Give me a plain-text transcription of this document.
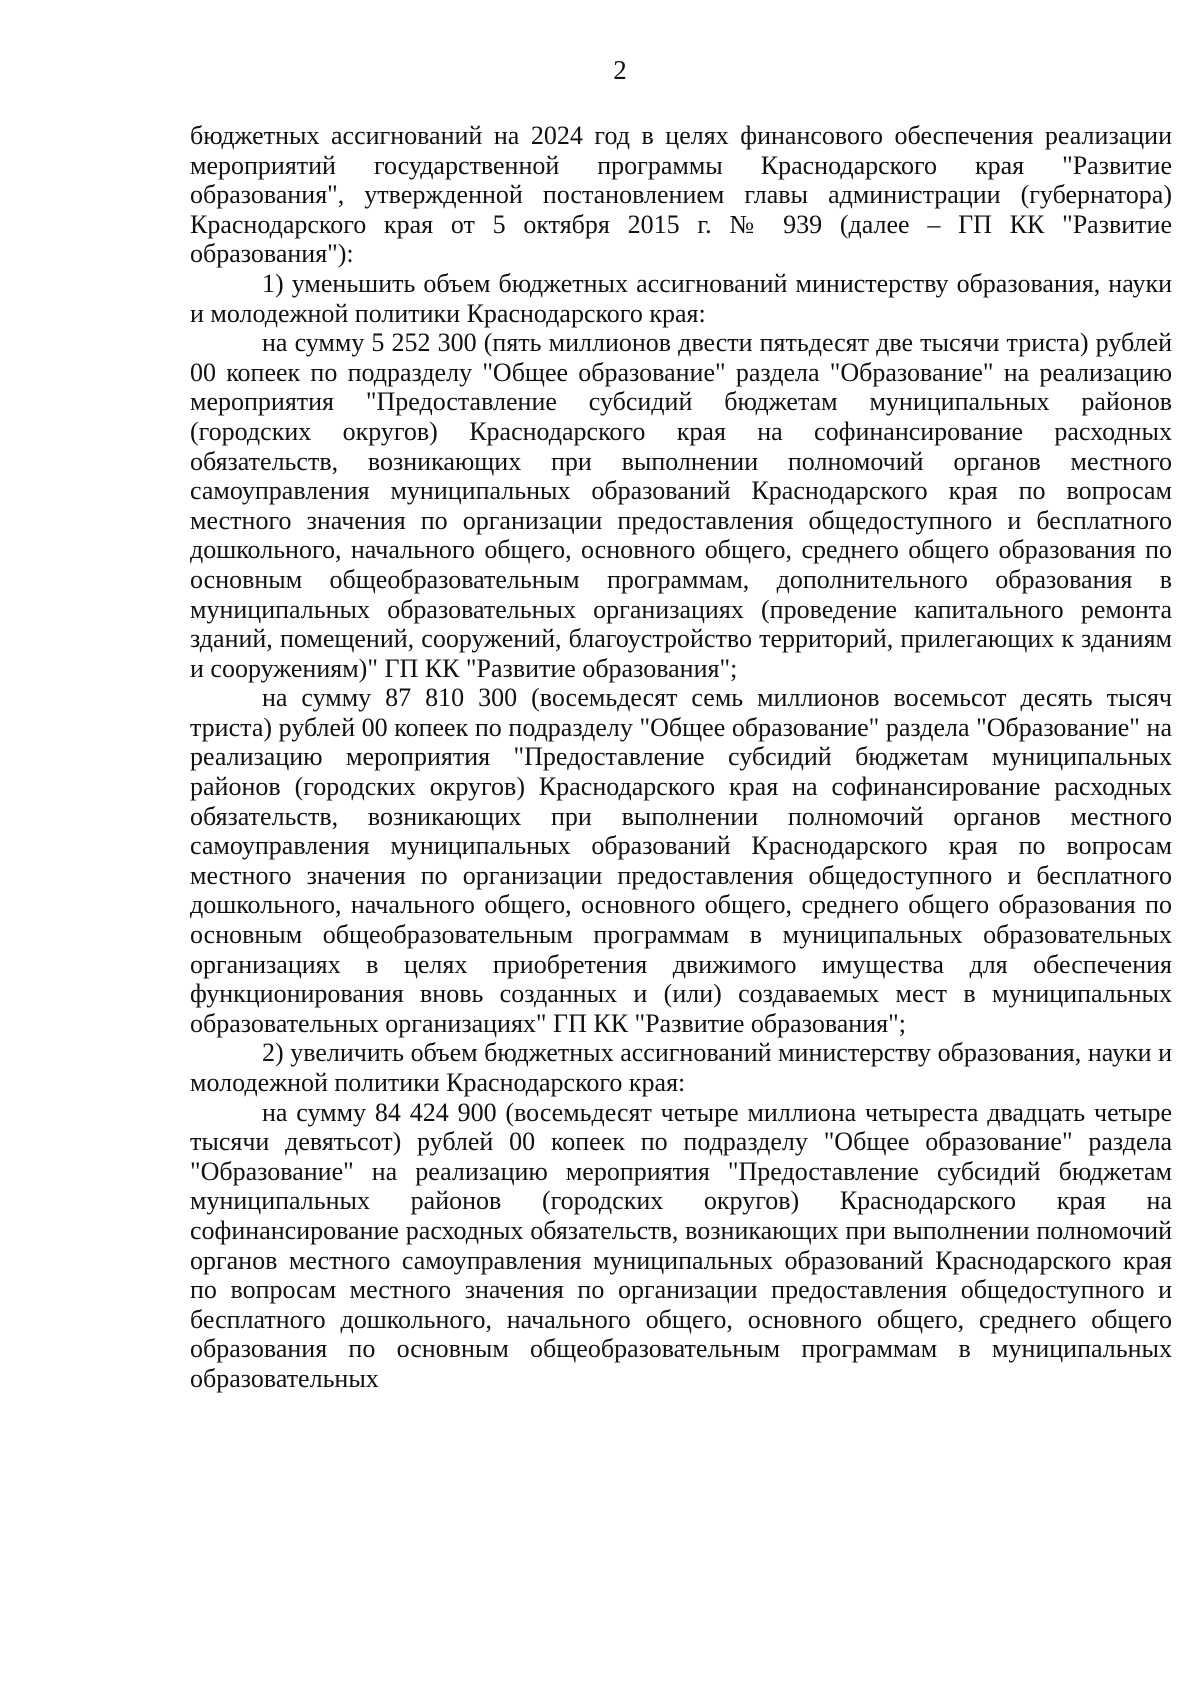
2

бюджетных ассигнований на 2024 год в целях финансового обеспечения реализации мероприятий государственной программы Краснодарского края "Развитие образования", утвержденной постановлением главы администрации (губернатора) Краснодарского края от 5 октября 2015 г. № 939 (далее – ГП КК "Развитие образования"):

1) уменьшить объем бюджетных ассигнований министерству образования, науки и молодежной политики Краснодарского края:

на сумму 5 252 300 (пять миллионов двести пятьдесят две тысячи триста) рублей 00 копеек по подразделу "Общее образование" раздела "Образование" на реализацию мероприятия "Предоставление субсидий бюджетам муниципальных районов (городских округов) Краснодарского края на софинансирование расходных обязательств, возникающих при выполнении полномочий органов местного самоуправления муниципальных образований Краснодарского края по вопросам местного значения по организации предоставления общедоступного и бесплатного дошкольного, начального общего, основного общего, среднего общего образования по основным общеобразовательным программам, дополнительного образования в муниципальных образовательных организациях (проведение капитального ремонта зданий, помещений, сооружений, благоустройство территорий, прилегающих к зданиям и сооружениям)" ГП КК "Развитие образования";

на сумму 87 810 300 (восемьдесят семь миллионов восемьсот десять тысяч триста) рублей 00 копеек по подразделу "Общее образование" раздела "Образование" на реализацию мероприятия "Предоставление субсидий бюджетам муниципальных районов (городских округов) Краснодарского края на софинансирование расходных обязательств, возникающих при выполнении полномочий органов местного самоуправления муниципальных образований Краснодарского края по вопросам местного значения по организации предоставления общедоступного и бесплатного дошкольного, начального общего, основного общего, среднего общего образования по основным общеобразовательным программам в муниципальных образовательных организациях в целях приобретения движимого имущества для обеспечения функционирования вновь созданных и (или) создаваемых мест в муниципальных образовательных организациях" ГП КК "Развитие образования";

2) увеличить объем бюджетных ассигнований министерству образования, науки и молодежной политики Краснодарского края:

на сумму 84 424 900 (восемьдесят четыре миллиона четыреста двадцать четыре тысячи девятьсот) рублей 00 копеек по подразделу "Общее образование" раздела "Образование" на реализацию мероприятия "Предоставление субсидий бюджетам муниципальных районов (городских округов) Краснодарского края на софинансирование расходных обязательств, возникающих при выполнении полномочий органов местного самоуправления муниципальных образований Краснодарского края по вопросам местного значения по организации предоставления общедоступного и бесплатного дошкольного, начального общего, основного общего, среднего общего образования по основным общеобразовательным программам в муниципальных образовательных
